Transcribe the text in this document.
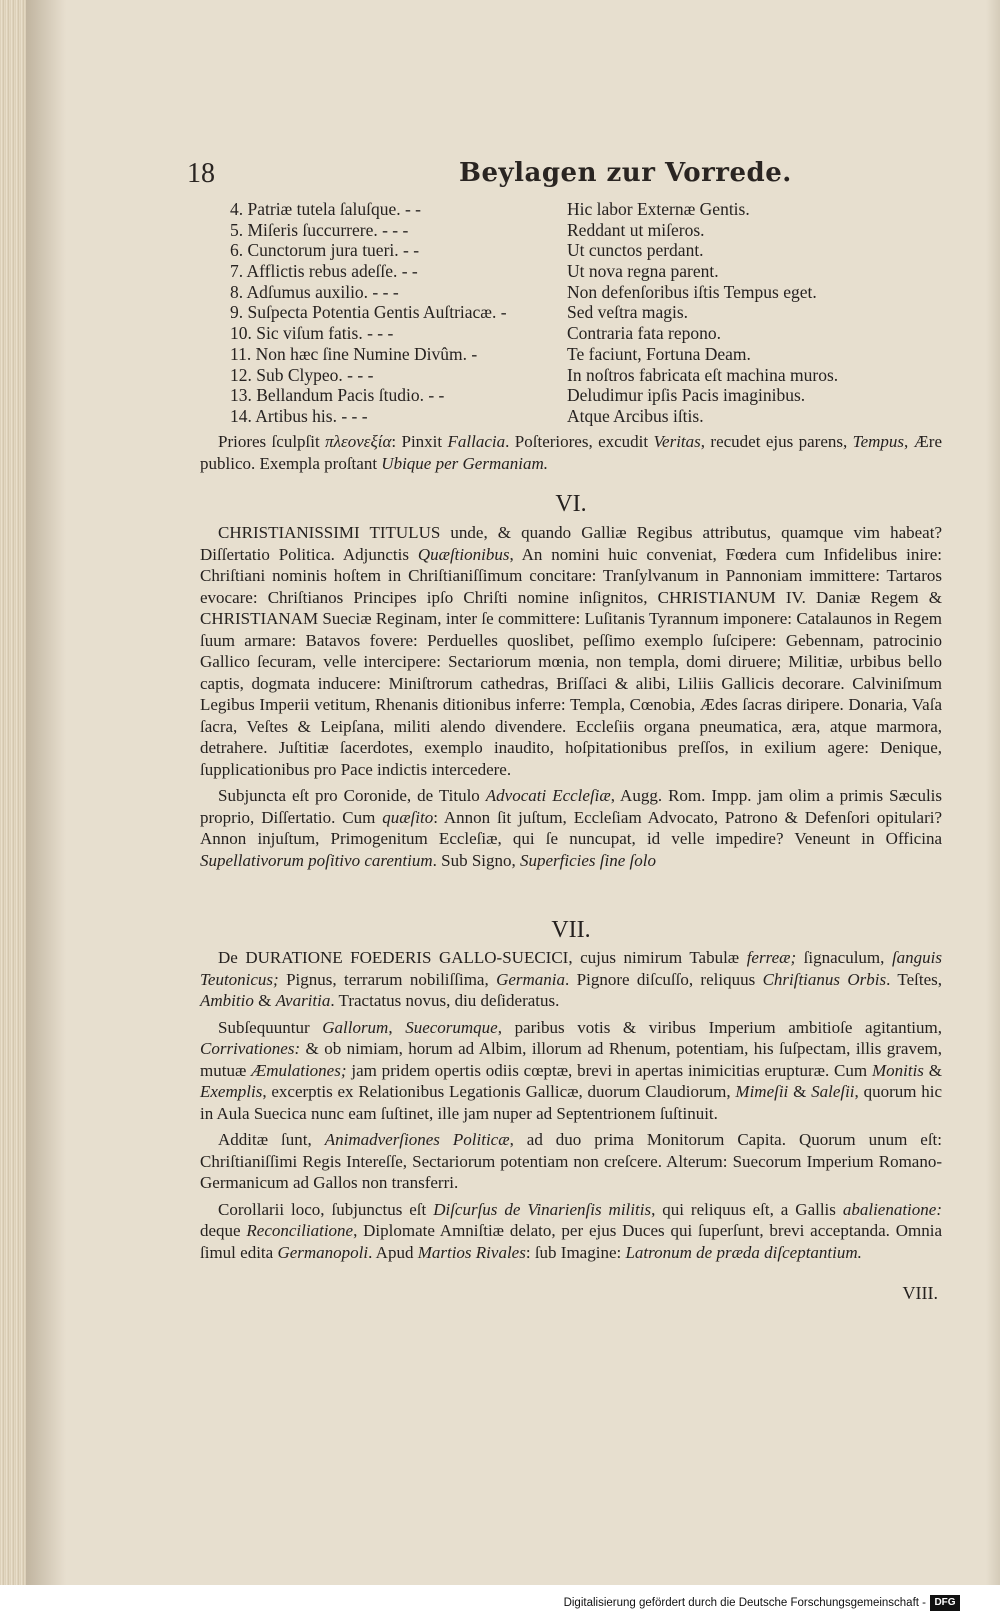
18	Beylagen zur Vorrede.
4. Patriæ tutela ſaluſque. - -	Hic labor Externæ Gentis.
5. Miſeris ſuccurrere. - - -	Reddant ut miſeros.
6. Cunctorum jura tueri. - -	Ut cunctos perdant.
7. Afflictis rebus adeſſe. - -	Ut nova regna parent.
8. Adſumus auxilio. - - -	Non defenſoribus iſtis Tempus eget.
9. Suſpecta Potentia Gentis Auſtriacæ. -	Sed veſtra magis.
10. Sic viſum fatis. - - -	Contraria fata repono.
11. Non hæc ſine Numine Divûm. -	Te faciunt, Fortuna Deam.
12. Sub Clypeo. - - -	In noſtros fabricata eſt machina muros.
13. Bellandum Pacis ſtudio. - -	Deludimur ipſis Pacis imaginibus.
14. Artibus his. - - -	Atque Arcibus iſtis.

Priores ſculpſit πλεονεξία: Pinxit Fallacia. Poſteriores, excudit Veritas, recudet ejus parens, Tempus, Ære publico. Exempla proſtant Ubique per Germaniam.

VI.

CHRISTIANISSIMI TITULUS unde, & quando Galliæ Regibus attributus, quamque vim habeat? Diſſertatio Politica. Adjunctis Quæſtionibus, An nomini huic conveniat, Fœdera cum Infidelibus inire: Chriſtiani nominis hoſtem in Chriſtianiſſimum concitare: Tranſylvanum in Pannoniam immittere: Tartaros evocare: Chriſtianos Principes ipſo Chriſti nomine inſignitos, CHRISTIANUM IV. Daniæ Regem & CHRISTIANAM Sueciæ Reginam, inter ſe committere: Luſitanis Tyrannum imponere: Catalaunos in Regem ſuum armare: Batavos fovere: Perduelles quoslibet, peſſimo exemplo ſuſcipere: Gebennam, patrocinio Gallico ſecuram, velle intercipere: Sectariorum mœnia, non templa, domi diruere; Militiæ, urbibus bello captis, dogmata inducere: Miniſtrorum cathedras, Briſſaci & alibi, Liliis Gallicis decorare. Calviniſmum Legibus Imperii vetitum, Rhenanis ditionibus inferre: Templa, Cœnobia, Ædes ſacras diripere. Donaria, Vaſa ſacra, Veſtes & Leipſana, militi alendo divendere. Eccleſiis organa pneumatica, æra, atque marmora, detrahere. Juſtitiæ ſacerdotes, exemplo inaudito, hoſpitationibus preſſos, in exilium agere: Denique, ſupplicationibus pro Pace indictis intercedere.

Subjuncta eſt pro Coronide, de Titulo Advocati Eccleſiæ, Augg. Rom. Impp. jam olim a primis Sæculis proprio, Diſſertatio. Cum quæſito: Annon ſit juſtum, Eccleſiam Advocato, Patrono & Defenſori opitulari? Annon injuſtum, Primogenitum Eccleſiæ, qui ſe nuncupat, id velle impedire? Veneunt in Officina Supellativorum poſitivo carentium. Sub Signo, Superficies ſine ſolo

VII.

De DURATIONE FOEDERIS GALLO-SUECICI, cujus nimirum Tabulæ ferreæ; ſignaculum, ſanguis Teutonicus; Pignus, terrarum nobiliſſima, Germania. Pignore diſcuſſo, reliquus Chriſtianus Orbis. Teſtes, Ambitio & Avaritia. Tractatus novus, diu deſideratus.

Subſequuntur Gallorum, Suecorumque, paribus votis & viribus Imperium ambitioſe agitantium, Corrivationes: & ob nimiam, horum ad Albim, illorum ad Rhenum, potentiam, his ſuſpectam, illis gravem, mutuæ Æmulationes; jam pridem opertis odiis cœptæ, brevi in apertas inimicitias erupturæ. Cum Monitis & Exemplis, excerptis ex Relationibus Legationis Gallicæ, duorum Claudiorum, Mimeſii & Saleſii, quorum hic in Aula Suecica nunc eam ſuſtinet, ille jam nuper ad Septentrionem ſuſtinuit.

Additæ ſunt, Animadverſiones Politicæ, ad duo prima Monitorum Capita. Quorum unum eſt: Chriſtianiſſimi Regis Intereſſe, Sectariorum potentiam non creſcere. Alterum: Suecorum Imperium Romano-Germanicum ad Gallos non transferri.

Corollarii loco, ſubjunctus eſt Diſcurſus de Vinarienſis militis, qui reliquus eſt, a Gallis abalienatione: deque Reconciliatione, Diplomate Amniſtiæ delato, per ejus Duces qui ſuperſunt, brevi acceptanda. Omnia ſimul edita Germanopoli. Apud Martios Rivales: ſub Imagine: Latronum de præda diſceptantium.

VIII.
Digitalisierung gefördert durch die Deutsche Forschungsgemeinschaft - DFG
